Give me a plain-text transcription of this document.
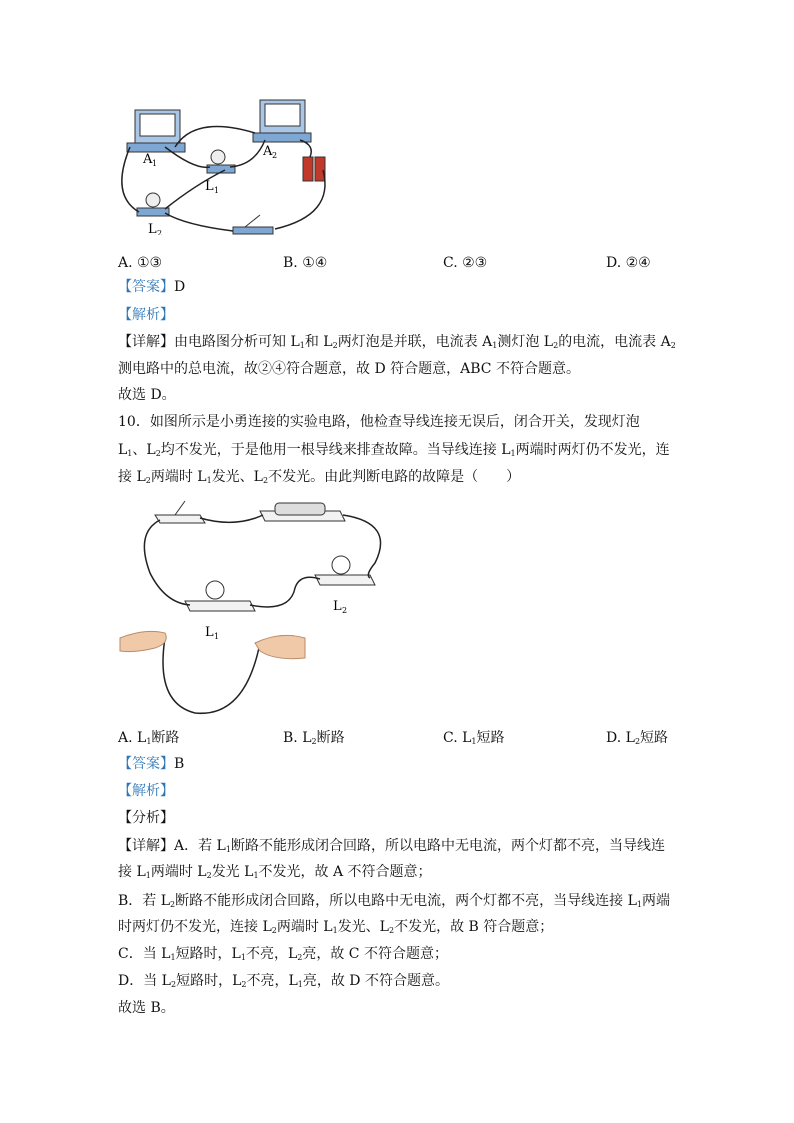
A 1
A 2
L 1
L 2
A. ①③	B. ①④	C. ②③	D. ②④
【答案】D
【解析】
【详解】由电路图分析可知 $L_1$和 $L_2$两灯泡是并联，电流表 $A_1$测灯泡 $L_2$的电流，电流表 $A_2$
测电路中的总电流，故②④符合题意，故 D 符合题意，ABC 不符合题意。
故选 D。
10．如图所示是小勇连接的实验电路，他检查导线连接无误后，闭合开关，发现灯泡
$L_1$、$L_2$均不发光，于是他用一根导线来排查故障。当导线连接 $L_1$两端时两灯仍不发光，连
接 $L_2$两端时 $L_1$发光、$L_2$不发光。由此判断电路的故障是（　　）
L 1
L 2
A. $L_1$断路	B. $L_2$断路	C. $L_1$短路	D. $L_2$短路
【答案】B
【解析】
【分析】
【详解】A．若 $L_1$断路不能形成闭合回路，所以电路中无电流，两个灯都不亮，当导线连
接 $L_1$两端时 $L_2$发光 $L_1$不发光，故 A 不符合题意；
B．若 $L_2$断路不能形成闭合回路，所以电路中无电流，两个灯都不亮，当导线连接 $L_1$两端
时两灯仍不发光，连接 $L_2$两端时 $L_1$发光、$L_2$不发光，故 B 符合题意；
C．当 $L_1$短路时，$L_1$不亮，$L_2$亮，故 C 不符合题意；
D．当 $L_2$短路时，$L_2$不亮，$L_1$亮，故 D 不符合题意。
故选 B。
